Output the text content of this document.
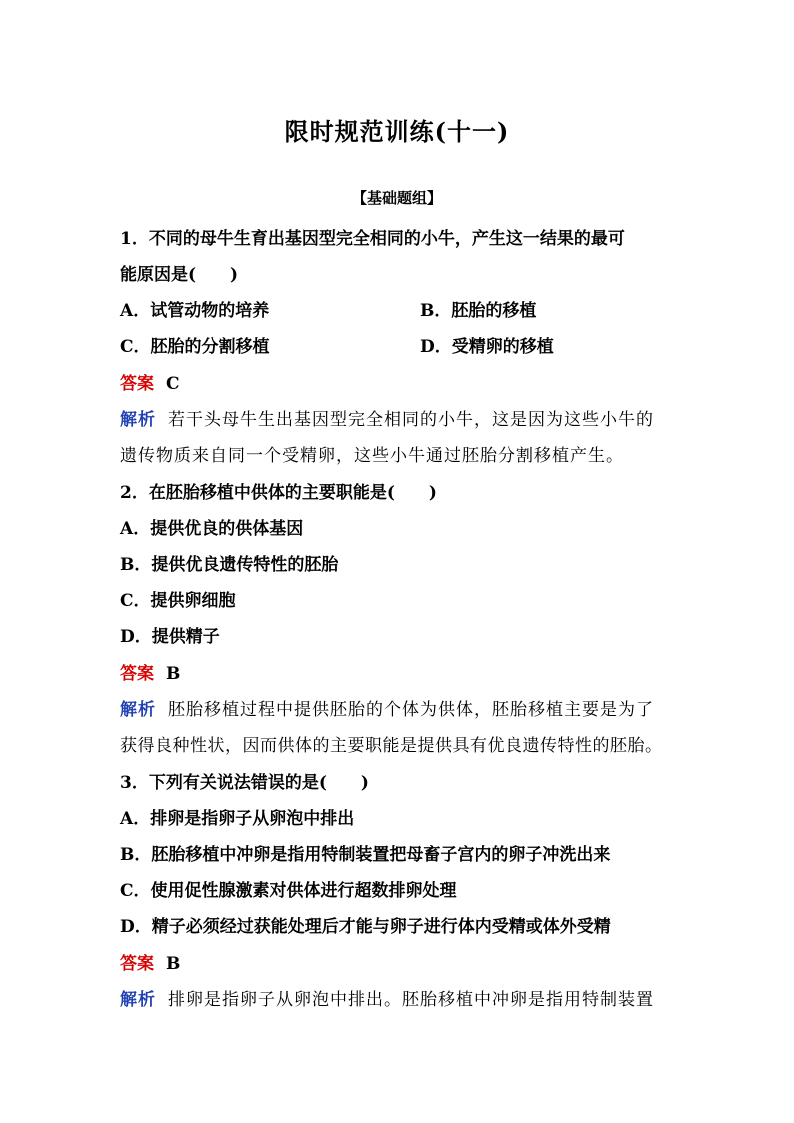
限时规范训练(十一)
【基础题组】
1．不同的母牛生育出基因型完全相同的小牛，产生这一结果的最可
能原因是(　　)
A．试管动物的培养	B．胚胎的移植
C．胚胎的分割移植	D．受精卵的移植
答案 C
解析 若干头母牛生出基因型完全相同的小牛，这是因为这些小牛的
遗传物质来自同一个受精卵，这些小牛通过胚胎分割移植产生。
2．在胚胎移植中供体的主要职能是(　　)
A．提供优良的供体基因
B．提供优良遗传特性的胚胎
C．提供卵细胞
D．提供精子
答案 B
解析 胚胎移植过程中提供胚胎的个体为供体，胚胎移植主要是为了
获得良种性状，因而供体的主要职能是提供具有优良遗传特性的胚胎。
3．下列有关说法错误的是(　　)
A．排卵是指卵子从卵泡中排出
B．胚胎移植中冲卵是指用特制装置把母畜子宫内的卵子冲洗出来
C．使用促性腺激素对供体进行超数排卵处理
D．精子必须经过获能处理后才能与卵子进行体内受精或体外受精
答案 B
解析 排卵是指卵子从卵泡中排出。胚胎移植中冲卵是指用特制装置
